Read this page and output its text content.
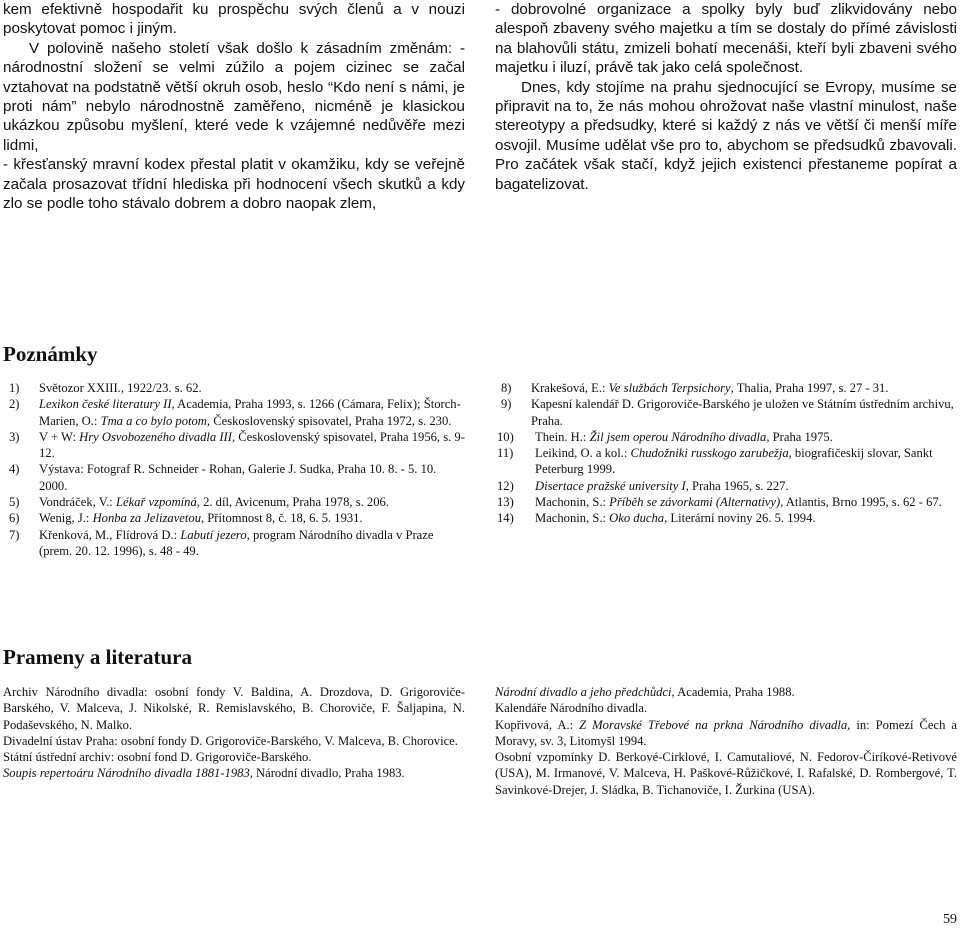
kem efektivně hospodařit ku prospěchu svých členů a v nouzi poskytovat pomoc i jiným.

V polovině našeho století však došlo k zásadním změnám: - národnostní složení se velmi zúžilo a pojem cizinec se začal vztahovat na podstatně větší okruh osob, heslo “Kdo není s námi, je proti nám” nebylo národnostně zaměřeno, nicméně je klasickou ukázkou způsobu myšlení, které vede k vzájemné nedůvěře mezi lidmi,

- křesťanský mravní kodex přestal platit v okamžiku, kdy se veřejně začala prosazovat třídní hlediska při hodnocení všech skutků a kdy zlo se podle toho stávalo dobrem a dobro naopak zlem,

- dobrovolné organizace a spolky byly buď zlikvidovány nebo alespoň zbaveny svého majetku a tím se dostaly do přímé závislosti na blahovůli státu, zmizeli bohatí mecenáši, kteří byli zbaveni svého majetku i iluzí, právě tak jako celá společnost.

Dnes, kdy stojíme na prahu sjednocující se Evropy, musíme se připravit na to, že nás mohou ohrožovat naše vlastní minulost, naše stereotypy a předsudky, které si každý z nás ve větší či menší míře osvojil. Musíme udělat vše pro to, abychom se předsudků zbavovali. Pro začátek však stačí, když jejich existenci přestaneme popírat a bagatelizovat.

Poznámky
1) Světozor XXIII., 1922/23. s. 62.
2) Lexikon české literatury II, Academia, Praha 1993, s. 1266 (Cámara, Felix); Štorch-Marien, O.: Tma a co bylo potom, Československý spisovatel, Praha 1972, s. 230.
3) V + W: Hry Osvobozeného divadla III, Československý spisovatel, Praha 1956, s. 9-12.
4) Výstava: Fotograf R. Schneider - Rohan, Galerie J. Sudka, Praha 10. 8. - 5. 10. 2000.
5) Vondráček, V.: Lékař vzpomíná, 2. díl, Avicenum, Praha 1978, s. 206.
6) Wenig, J.: Honba za Jelizavetou, Přítomnost 8, č. 18, 6. 5. 1931.
7) Křenková, M., Flídrová D.: Labutí jezero, program Národního divadla v Praze (prem. 20. 12. 1996), s. 48 - 49.
8) Krakešová, E.: Ve službách Terpsichory, Thalia, Praha 1997, s. 27 - 31.
9) Kapesní kalendář D. Grigoroviče-Barského je uložen ve Státním ústředním archivu, Praha.
10) Thein. H.: Žil jsem operou Národního divadla, Praha 1975.
11) Leikind, O. a kol.: Chudožniki russkogo zarubežja, biografičeskij slovar, Sankt Peterburg 1999.
12) Disertace pražské university I, Praha 1965, s. 227.
13) Machonin, S.: Příběh se závorkami (Alternativy), Atlantis, Brno 1995, s. 62 - 67.
14) Machonin, S.: Oko ducha, Literární noviny 26. 5. 1994.
Prameny a literatura

Archiv Národního divadla: osobní fondy V. Baldina, A. Drozdova, D. Grigoroviče-Barského, V. Malceva, J. Nikolské, R. Remislavského, B. Choroviče, F. Šaljapina, N. Podaševského, N. Malko.

Divadelní ústav Praha: osobní fondy D. Grigoroviče-Barského, V. Malceva, B. Chorovice.

Státní ústřední archiv: osobní fond D. Grigoroviče-Barského.

Soupis repertoáru Národního divadla 1881-1983, Národní divadlo, Praha 1983.

Národní divadlo a jeho předchůdci, Academia, Praha 1988.

Kalendáře Národního divadla.

Kopřivová, A.: Z Moravské Třebové na prkna Národního divadla, in: Pomezí Čech a Moravy, sv. 3, Litomyšl 1994.

Osobní vzpomínky D. Berkové-Cirklové, I. Camutaliové, N. Fedorov-Čiríkové-Retivové (USA), M. Irmanové, V. Malceva, H. Paškové-Růžičkové, I. Rafalské, D. Rombergové, T. Savinkové-Drejer, J. Sládka, B. Tichanoviče, I. Žurkina (USA).

59
